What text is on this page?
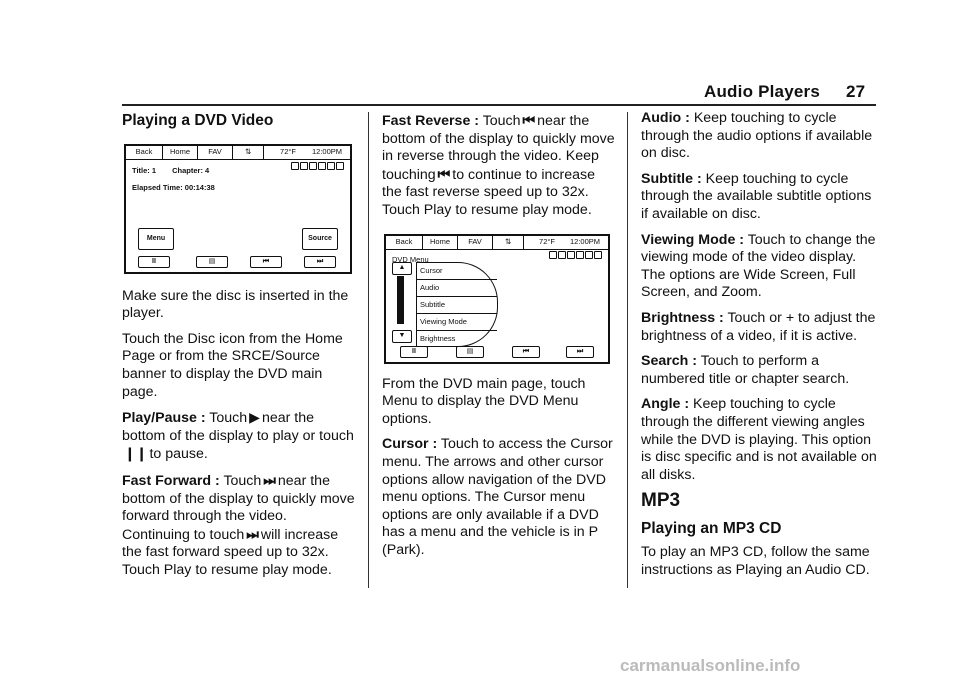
Audio Players 27
Playing a DVD Video
Back	Home	FAV	⇅	72°F	12:00PM
Title: 1 Chapter: 4
Elapsed Time: 00:14:38
Menu	Source
II	▤	⏮	⏭

Make sure the disc is inserted in the player.

Touch the Disc icon from the Home Page or from the SRCE/Source banner to display the DVD main page.

Play/Pause : Touch ▶ near the bottom of the display to play or touch ❙❙ to pause.

Fast Forward : Touch ⏭ near the bottom of the display to quickly move forward through the video. Continuing to touch ⏭ will increase the fast forward speed up to 32x. Touch Play to resume play mode.

Fast Reverse : Touch ⏮ near the bottom of the display to quickly move in reverse through the video. Keep touching ⏮ to continue to increase the fast reverse speed up to 32x. Touch Play to resume play mode.

Back	Home	FAV	⇅	72°F	12:00PM
DVD Menu
▲
▼
Cursor
Audio
Subtitle
Viewing Mode
Brightness
II	▤	⏮	⏭

From the DVD main page, touch Menu to display the DVD Menu options.

Cursor : Touch to access the Cursor menu. The arrows and other cursor options allow navigation of the DVD menu options. The Cursor menu options are only available if a DVD has a menu and the vehicle is in P (Park).

Audio : Keep touching to cycle through the audio options if available on disc.

Subtitle : Keep touching to cycle through the available subtitle options if available on disc.

Viewing Mode : Touch to change the viewing mode of the video display. The options are Wide Screen, Full Screen, and Zoom.

Brightness : Touch or + to adjust the brightness of a video, if it is active.

Search : Touch to perform a numbered title or chapter search.

Angle : Keep touching to cycle through the different viewing angles while the DVD is playing. This option is disc specific and is not available on all disks.

MP3
Playing an MP3 CD

To play an MP3 CD, follow the same instructions as Playing an Audio CD.

carmanualsonline.info
